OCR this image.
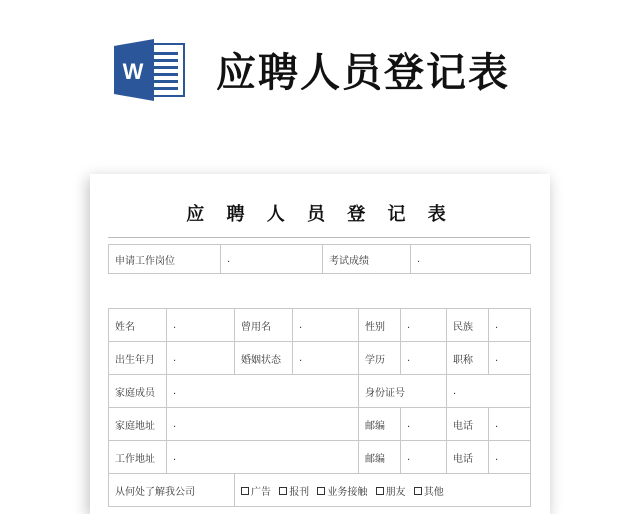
W 应聘人员登记表
应 聘 人 员 登 记 表
申请工作岗位	.	考试成绩	.
姓名	.	曾用名	.	性别	.	民族	.
出生年月	.	婚姻状态	.	学历	.	职称	.
家庭成员	.			身份证号		.	
家庭地址	.			邮编	.	电话	.
工作地址	.			邮编	.	电话	.
从何处了解我公司		广告 报刊 业务接触 朋友 其他					
